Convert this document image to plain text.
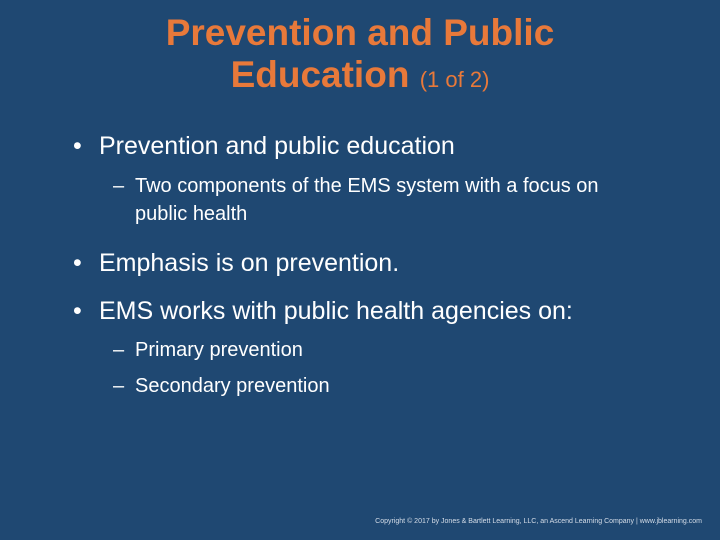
Prevention and Public
Education (1 of 2)
• Prevention and public education
– Two components of the EMS system with a focus on public health
• Emphasis is on prevention.
• EMS works with public health agencies on:
– Primary prevention
– Secondary prevention
Copyright © 2017 by Jones & Bartlett Learning, LLC, an Ascend Learning Company | www.jblearning.com
